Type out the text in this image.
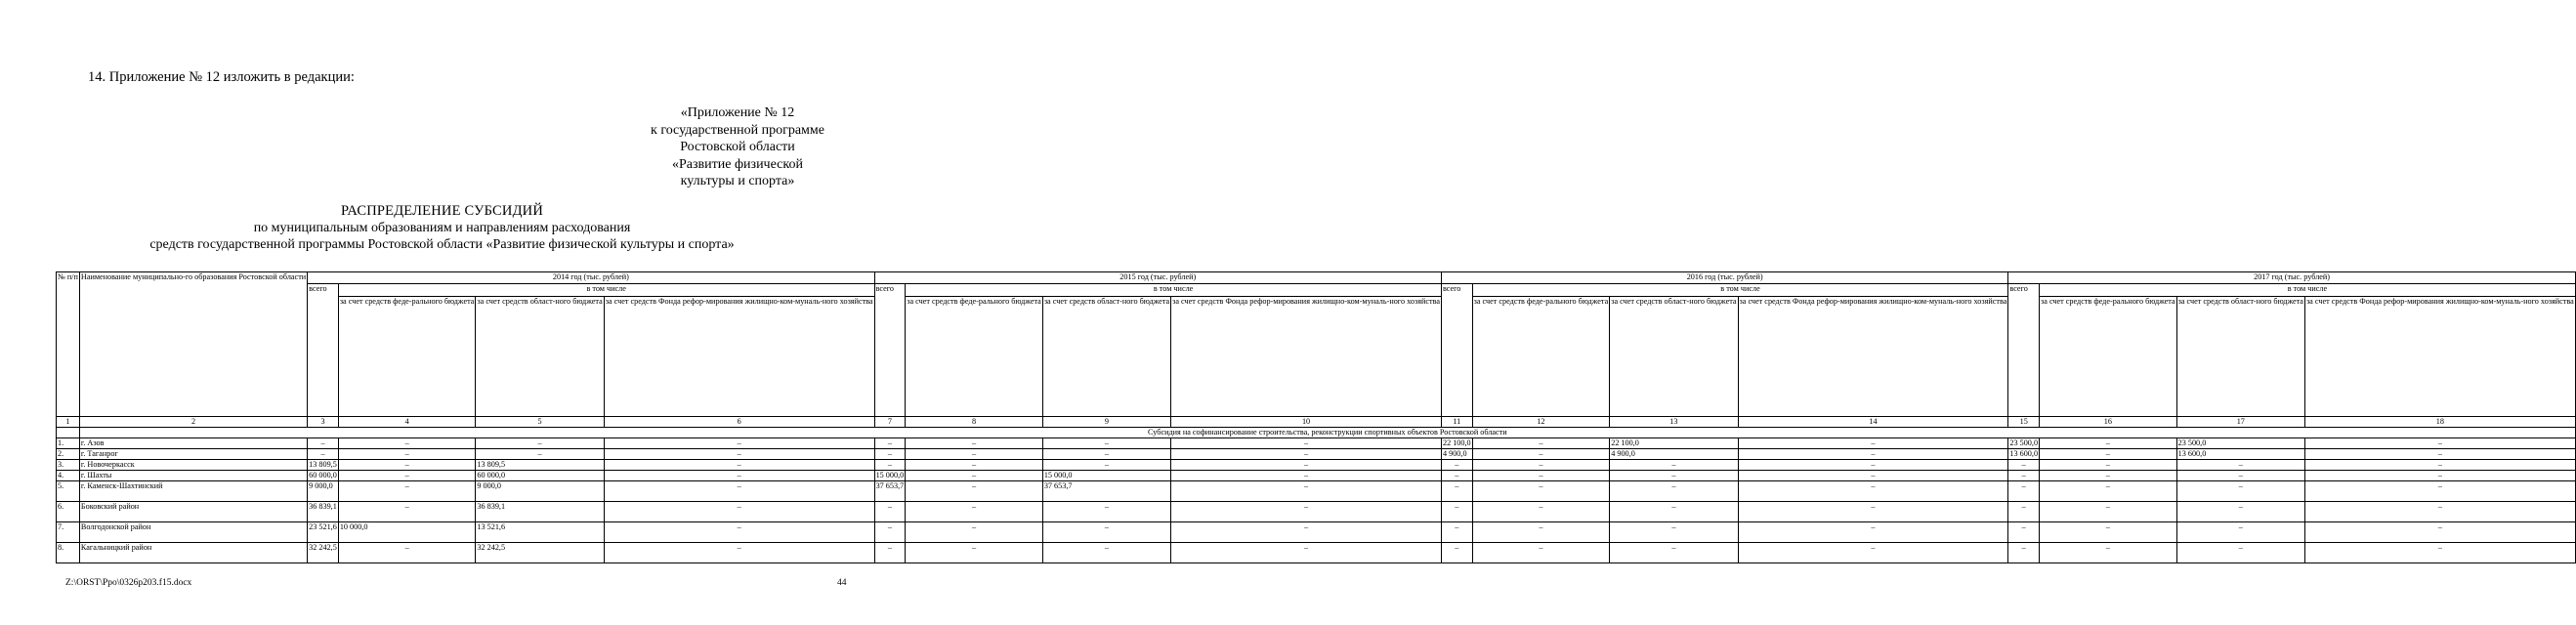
14. Приложение № 12 изложить в редакции:
«Приложение № 12
к государственной программе
Ростовской области
«Развитие физической
культуры и спорта»
РАСПРЕДЕЛЕНИЕ СУБСИДИЙ
по муниципальным образованиям и направлениям расходования
средств государственной программы Ростовской области «Развитие физической культуры и спорта»
№ п/п	Наименование муниципально-го образования Ростовской области	2014 год (тыс. рублей)				2015 год (тыс. рублей)				2016 год (тыс. рублей)				2017 год (тыс. рублей)			
		всего	в том числе			всего	в том числе			всего	в том числе			всего	в том числе		
			за счет средств феде-рального бюджета	за счет средств област-ного бюджета	за счет средств Фонда рефор-мирования жилищно-ком-муналь-ного хозяйства		за счет средств феде-рального бюджета	за счет средств област-ного бюджета	за счет средств Фонда рефор-мирования жилищно-ком-муналь-ного хозяйства		за счет средств феде-рального бюджета	за счет средств област-ного бюджета	за счет средств Фонда рефор-мирования жилищно-ком-муналь-ного хозяйства		за счет средств феде-рального бюджета	за счет средств област-ного бюджета	за счет средств Фонда рефор-мирования жилищно-ком-муналь-ного хозяйства
1	2	3	4	5	6	7	8	9	10	11	12	13	14	15	16	17	18
	Субсидия на софинансирование строительства, реконструкции спортивных объектов Ростовской области																
1.	г. Азов	–	–	–	–	–	–	–	–	22 100,0	–	22 100,0	–	23 500,0	–	23 500,0	–
2.	г. Таганрог	–	–	–	–	–	–	–	–	4 900,0	–	4 900,0	–	13 600,0	–	13 600,0	–
3.	г. Новочеркасск	13 809,5	–	13 809,5	–	–	–	–	–	–	–	–	–	–	–	–	–
4.	г. Шахты	60 000,0	–	60 000,0	–	15 000,0	–	15 000,0	–	–	–	–	–	–	–	–	–
5.	г. Каменск-Шахтинский	9 000,0	–	9 000,0	–	37 653,7	–	37 653,7	–	–	–	–	–	–	–	–	–
6.	Боковский район	36 839,1	–	36 839,1	–	–	–	–	–	–	–	–	–	–	–	–	–
7.	Волгодонской район	23 521,6	10 000,0	13 521,6	–	–	–	–	–	–	–	–	–	–	–	–	–
8.	Кагальницкий район	32 242,5	–	32 242,5	–	–	–	–	–	–	–	–	–	–	–	–	–
Z:\ORST\Ppo\0326p203.f15.docx	44
